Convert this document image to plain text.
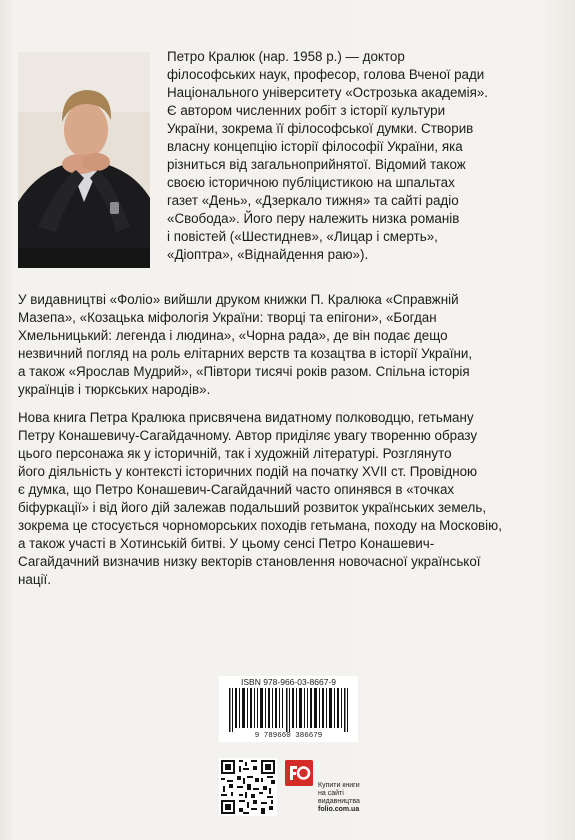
Петро Кралюк (нар. 1958 р.) — доктор
філософських наук, професор, голова Вченої ради
Національного університету «Острозька академія».
Є автором численних робіт з історії культури
України, зокрема її філософської думки. Створив
власну концепцію історії філософії України, яка
різниться від загальноприйнятої. Відомий також
своєю історичною публіцистикою на шпальтах
газет «День», «Дзеркало тижня» та сайті радіо
«Свобода». Його перу належить низка романів
і повістей («Шестиднев», «Лицар і смерть»,
«Діоптра», «Віднайдення раю»).
У видавництві «Фоліо» вийшли друком книжки П. Кралюка «Справжній
Мазепа», «Козацька міфологія України: творці та епігони», «Богдан
Хмельницький: легенда і людина», «Чорна рада», де він подає дещо
незвичний погляд на роль елітарних верств та козацтва в історії України,
а також «Ярослав Мудрий», «Півтори тисячі років разом. Спільна історія
українців і тюркських народів».
Нова книга Петра Кралюка присвячена видатному полководцю, гетьману
Петру Конашевичу-Сагайдачному. Автор приділяє увагу творенню образу
цього персонажа як у історичній, так і художній літературі. Розглянуто
його діяльність у контексті історичних подій на початку XVII ст. Провідною
є думка, що Петро Конашевич-Сагайдачний часто опинявся в «точках
біфуркації» і від його дій залежав подальший розвиток українських земель,
зокрема це стосується чорноморських походів гетьмана, походу на Московію,
а також участі в Хотинській битві. У цьому сенсі Петро Конашевич-
Сагайдачний визначив низку векторів становлення новочасної української
нації.
ISBN 978-966-03-8667-9
9 789660 386679
Купити книги
на сайті
видавництва
folio.com.ua
